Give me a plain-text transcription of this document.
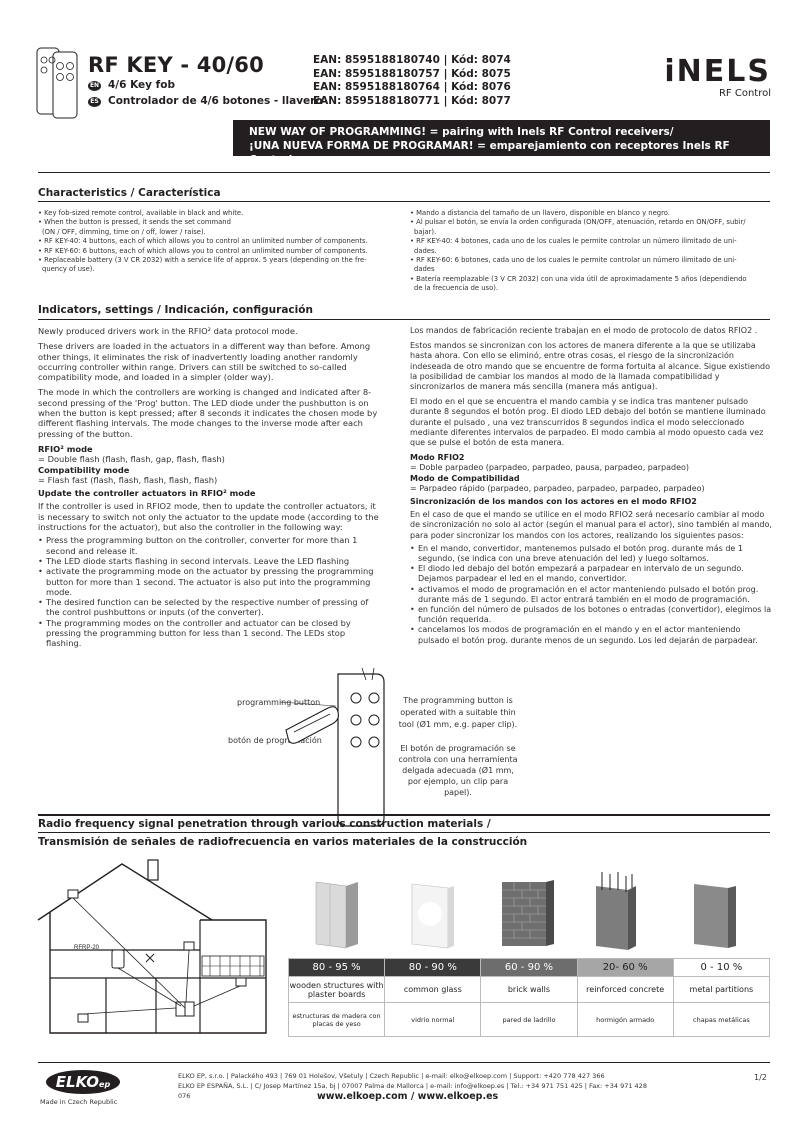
RF KEY - 40/60
EN 4/6 Key fob
ES Controlador de 4/6 botones - llavero
EAN: 8595188180740 | Kód: 8074
EAN: 8595188180757 | Kód: 8075
EAN: 8595188180764 | Kód: 8076
EAN: 8595188180771 | Kód: 8077
iNELS
RF Control
NEW WAY OF PROGRAMMING! = pairing with Inels RF Control receivers/
¡UNA NUEVA FORMA DE PROGRAMAR! = emparejamiento con receptores Inels RF Control
Characteristics / Característica
• Key fob-sized remote control, available in black and white.
• When the button is pressed, it sends the set command
(ON / OFF, dimming, time on / off, lower / raise).
• RF KEY-40: 4 buttons, each of which allows you to control an unlimited number of components.
• RF KEY-60: 6 buttons, each of which allows you to control an unlimited number of components.
• Replaceable battery (3 V CR 2032) with a service life of approx. 5 years (depending on the fre-
quency of use).
• Mando a distancia del tamaño de un llavero, disponible en blanco y negro.
• Al pulsar el botón, se envía la orden configurada (ON/OFF, atenuación, retardo en ON/OFF, subir/
bajar).
• RF KEY-40: 4 botones, cada uno de los cuales le permite controlar un número ilimitado de uni-
dades.
• RF KEY-60: 6 botones, cada uno de los cuales le permite controlar un número ilimitado de uni-
dades
• Batería reemplazable (3 V CR 2032) con una vida útil de aproximadamente 5 años (dependiendo
de la frecuencia de uso).
Indicators, settings / Indicación, configuración

Newly produced drivers work in the RFIO² data protocol mode.

These drivers are loaded in the actuators in a different way than before. Among other things, it eliminates the risk of inadvertently loading another randomly occurring controller within range. Drivers can still be switched to so-called compatibility mode, and loaded in a simpler (older way).

The mode in which the controllers are working is changed and indicated after 8-second pressing of the 'Prog' button. The LED diode under the pushbutton is on when the button is kept pressed; after 8 seconds it indicates the chosen mode by different flashing intervals. The mode changes to the inverse mode after each pressing of the button.

RFIO² mode
= Double flash (flash, flash, gap, flash, flash)
Compatibility mode
= Flash fast (flash, flash, flash, flash, flash)
Update the controller actuators in RFIO² mode

If the controller is used in RFIO2 mode, then to update the controller actuators, it is necessary to switch not only the actuator to the update mode (according to the instructions for the actuator), but also the controller in the following way:

• Press the programming button on the controller, converter for more than 1 second and release it.
• The LED diode starts flashing in second intervals. Leave the LED flashing
• activate the programming mode on the actuator by pressing the programming button for more than 1 second. The actuator is also put into the programming mode.
• The desired function can be selected by the respective number of pressing of the control pushbuttons or inputs (of the converter).
• The programming modes on the controller and actuator can be closed by pressing the programming button for less than 1 second. The LEDs stop flashing.

Los mandos de fabricación reciente trabajan en el modo de protocolo de datos RFIO2 .

Estos mandos se sincronizan con los actores de manera diferente a la que se utilizaba hasta ahora. Con ello se eliminó, entre otras cosas, el riesgo de la sincronización indeseada de otro mando que se encuentre de forma fortuita al alcance. Sigue existiendo la posibilidad de cambiar los mandos al modo de la llamada compatibilidad y sincronizarlos de manera más sencilla (manera más antigua).

El modo en el que se encuentra el mando cambia y se indica tras mantener pulsado durante 8 segundos el botón prog. El diodo LED debajo del botón se mantiene iluminado durante el pulsado , una vez transcurridos 8 segundos indica el modo seleccionado mediante diferentes intervalos de parpadeo. El modo cambia al modo opuesto cada vez que se pulse el botón de esta manera.

Modo RFIO2
= Doble parpadeo (parpadeo, parpadeo, pausa, parpadeo, parpadeo)
Modo de Compatibilidad
= Parpadeo rápido (parpadeo, parpadeo, parpadeo, parpadeo, parpadeo)
Sincronización de los mandos con los actores en el modo RFIO2

En el caso de que el mando se utilice en el modo RFIO2 será necesario cambiar al modo de sincronización no solo al actor (según el manual para el actor), sino también al mando, para poder sincronizar los mandos con los actores, realizando los siguientes pasos:

• En el mando, convertidor, mantenemos pulsado el botón prog. durante más de 1 segundo, (se indica con una breve atenuación del led) y luego soltamos.
• El diodo led debajo del botón empezará a parpadear en intervalo de un segundo. Dejamos parpadear el led en el mando, convertidor.
• activamos el modo de programación en el actor manteniendo pulsado el botón prog. durante más de 1 segundo. El actor entrará también en el modo de programación.
• en función del número de pulsados de los botones o entradas (convertidor), elegimos la función requerida.
• cancelamos los modos de programación en el mando y en el actor manteniendo pulsado el botón prog. durante menos de un segundo. Los led dejarán de parpadear.
programming button
botón de programación
The programming button is operated with a suitable thin tool (Ø1 mm, e.g. paper clip).
El botón de programación se controla con una herramienta delgada adecuada (Ø1 mm, por ejemplo, un clip para papel).
Radio frequency signal penetration through various construction materials /
Transmisión de señales de radiofrecuencia en varios materiales de la construcción
RFRP-20
80 - 95 %	80 - 90 %	60 - 90 %	20- 60 %	0 - 10 %
wooden structures with plaster boards	common glass	brick walls	reinforced concrete	metal partitions
estructuras de madera con placas de yeso	vidrio normal	pared de ladrillo	hormigón armado	chapas metálicas
ELKOep
Made in Czech Republic
ELKO EP, s.r.o. | Palackého 493 | 769 01 Holešov, Všetuly | Czech Republic | e-mail: elko@elkoep.com | Support: +420 778 427 366
ELKO EP ESPAÑA, S.L. | C/ Josep Martínez 15a, bj | 07007 Palma de Mallorca | e-mail: info@elkoep.es | Tel.: +34 971 751 425 | Fax: +34 971 428 076	www.elkoep.com / www.elkoep.es
1/2
